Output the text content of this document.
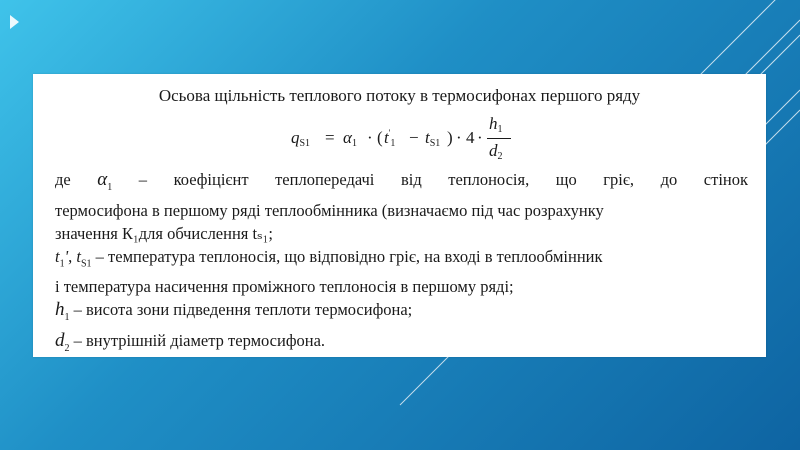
Осьова щільність теплового потоку в термосифонах першого ряду
$q_{S1} = \alpha_1$ · ( $t'_1 - t_{S1}$ ) · 4 ·
$h_1$
$d_2$
де $\alpha_1$ – коефіцієнт теплопередачі від теплоносія, що гріє, до стінок
термосифона в першому ряді теплообмінника (визначаємо під час розрахунку
значення К₁для обчислення tₛ₁;
$t_1'$, $t_{S1}$ – температура теплоносія, що відповідно гріє, на вході в теплообмінник
і температура насичення проміжного теплоносія в першому ряді;
$h_1$ – висота зони підведення теплоти термосифона;
$d_2$ – внутрішній діаметр термосифона.
